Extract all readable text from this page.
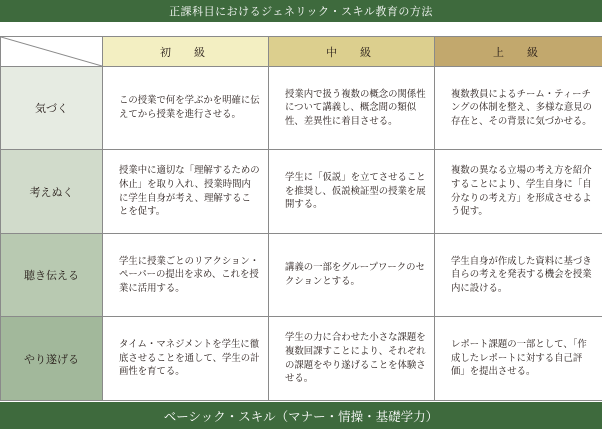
正課科目におけるジェネリック・スキル教育の方法
	初　級	中　級	上　級
気づく	この授業で何を学ぶかを明確に伝えてから授業を進行させる。	授業内で扱う複数の概念の関係性について講義し、概念間の類似性、差異性に着目させる。	複数教員によるチーム・ティーチングの体制を整え、多様な意見の存在と、その背景に気づかせる。
考えぬく	授業中に適切な「理解するための休止」を取り入れ、授業時間内に学生自身が考え、理解することを促す。	学生に「仮説」を立てさせることを推奨し、仮説検証型の授業を展開する。	複数の異なる立場の考え方を紹介することにより、学生自身に「自分なりの考え方」を形成させるよう促す。
聴き伝える	学生に授業ごとのリアクション・ペーパーの提出を求め、これを授業に活用する。	講義の一部をグループワークのセクションとする。	学生自身が作成した資料に基づき自らの考えを発表する機会を授業内に設ける。
やり遂げる	タイム・マネジメントを学生に徹底させることを通して、学生の計画性を育てる。	学生の力に合わせた小さな課題を複数回課すことにより、それぞれの課題をやり遂げることを体験させる。	レポート課題の一部として、「作成したレポートに対する自己評価」を提出させる。
ベーシック・スキル（マナー・情操・基礎学力）
